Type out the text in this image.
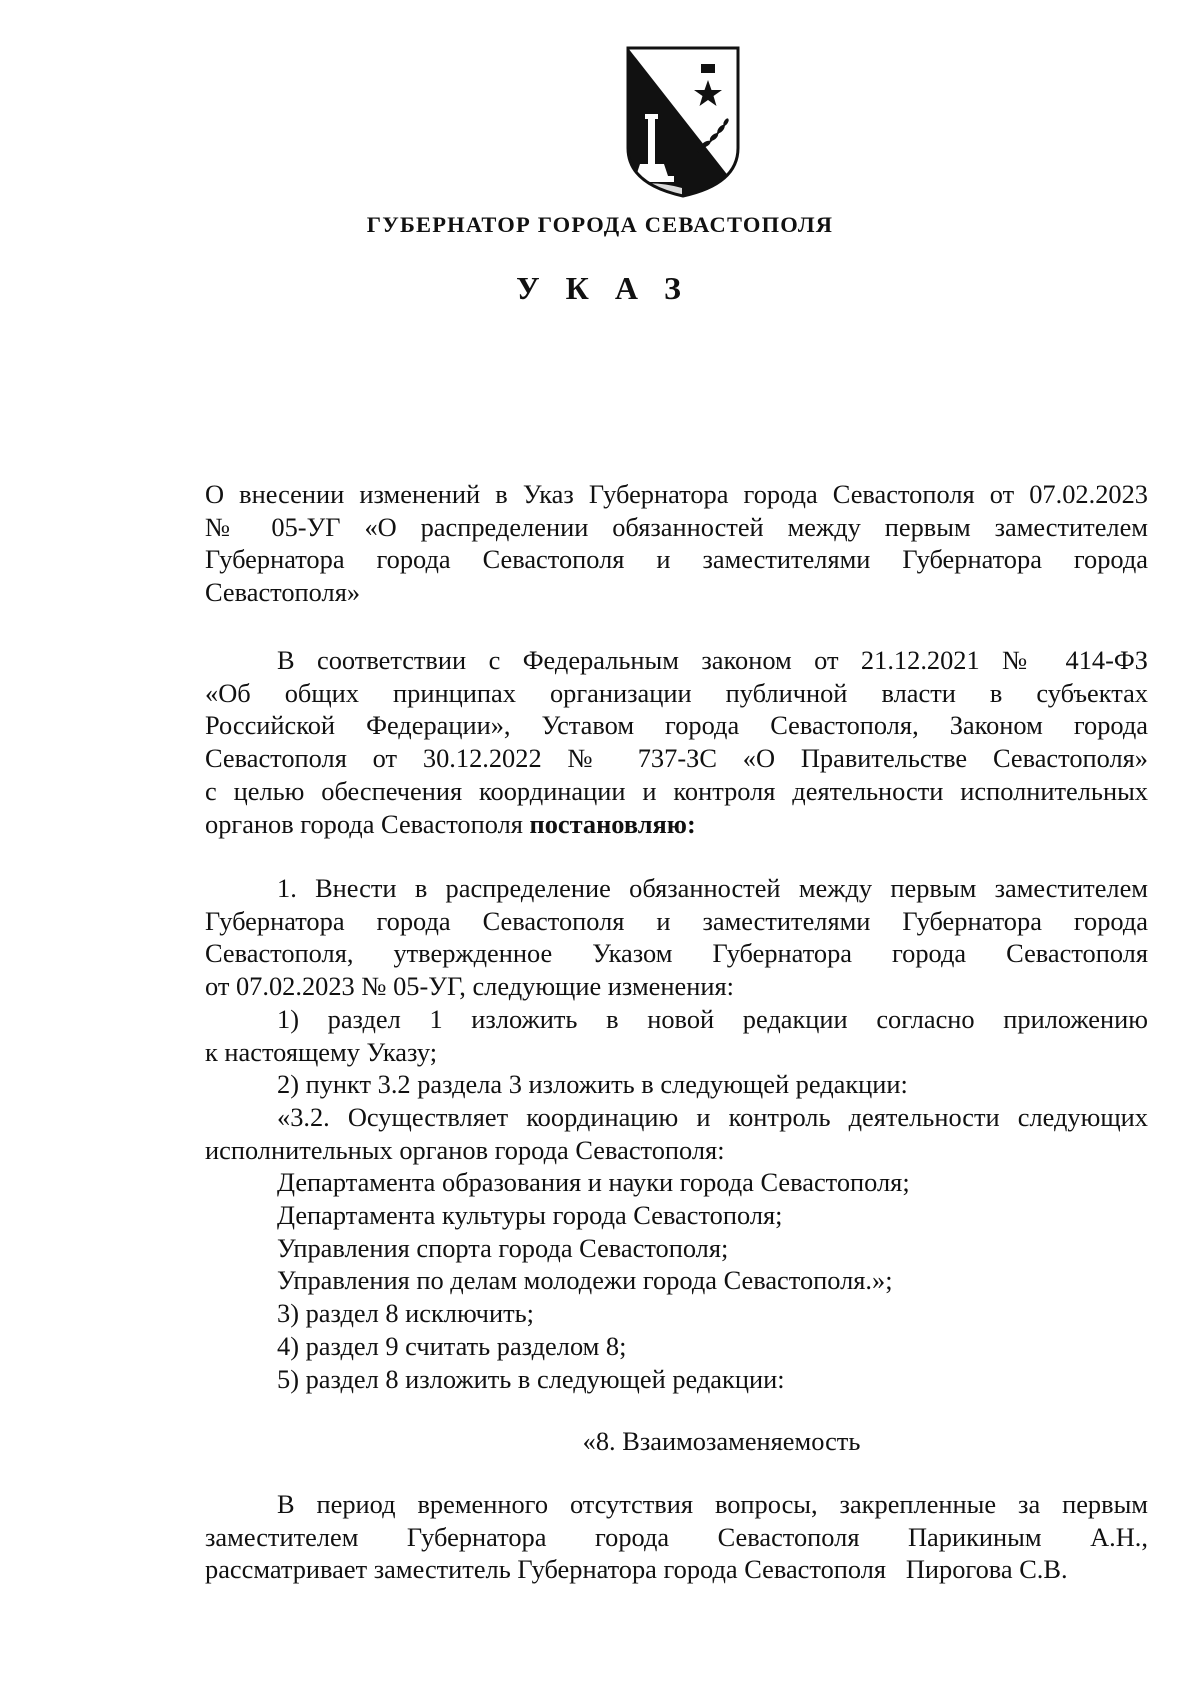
ГУБЕРНАТОР ГОРОДА СЕВАСТОПОЛЯ
У К А З

О внесении изменений в Указ Губернатора города Севастополя от 07.02.2023

№ 05-УГ «О распределении обязанностей между первым заместителем

Губернатора города Севастополя и заместителями Губернатора города

Севастополя»

В соответствии с Федеральным законом от 21.12.2021 № 414-ФЗ

«Об общих принципах организации публичной власти в субъектах

Российской Федерации», Уставом города Севастополя, Законом города

Севастополя от 30.12.2022 № 737-ЗС «О Правительстве Севастополя»

с целью обеспечения координации и контроля деятельности исполнительных

органов города Севастополя постановляю:

1. Внести в распределение обязанностей между первым заместителем

Губернатора города Севастополя и заместителями Губернатора города

Севастополя, утвержденное Указом Губернатора города Севастополя

от 07.02.2023 № 05-УГ, следующие изменения:

1) раздел 1 изложить в новой редакции согласно приложению

к настоящему Указу;

2) пункт 3.2 раздела 3 изложить в следующей редакции:

«3.2. Осуществляет координацию и контроль деятельности следующих

исполнительных органов города Севастополя:

Департамента образования и науки города Севастополя;

Департамента культуры города Севастополя;

Управления спорта города Севастополя;

Управления по делам молодежи города Севастополя.»;

3) раздел 8 исключить;

4) раздел 9 считать разделом 8;

5) раздел 8 изложить в следующей редакции:

«8. Взаимозаменяемость

В период временного отсутствия вопросы, закрепленные за первым

заместителем Губернатора города Севастополя Парикиным А.Н.,

рассматривает заместитель Губернатора города Севастополя   Пирогова С.В.
